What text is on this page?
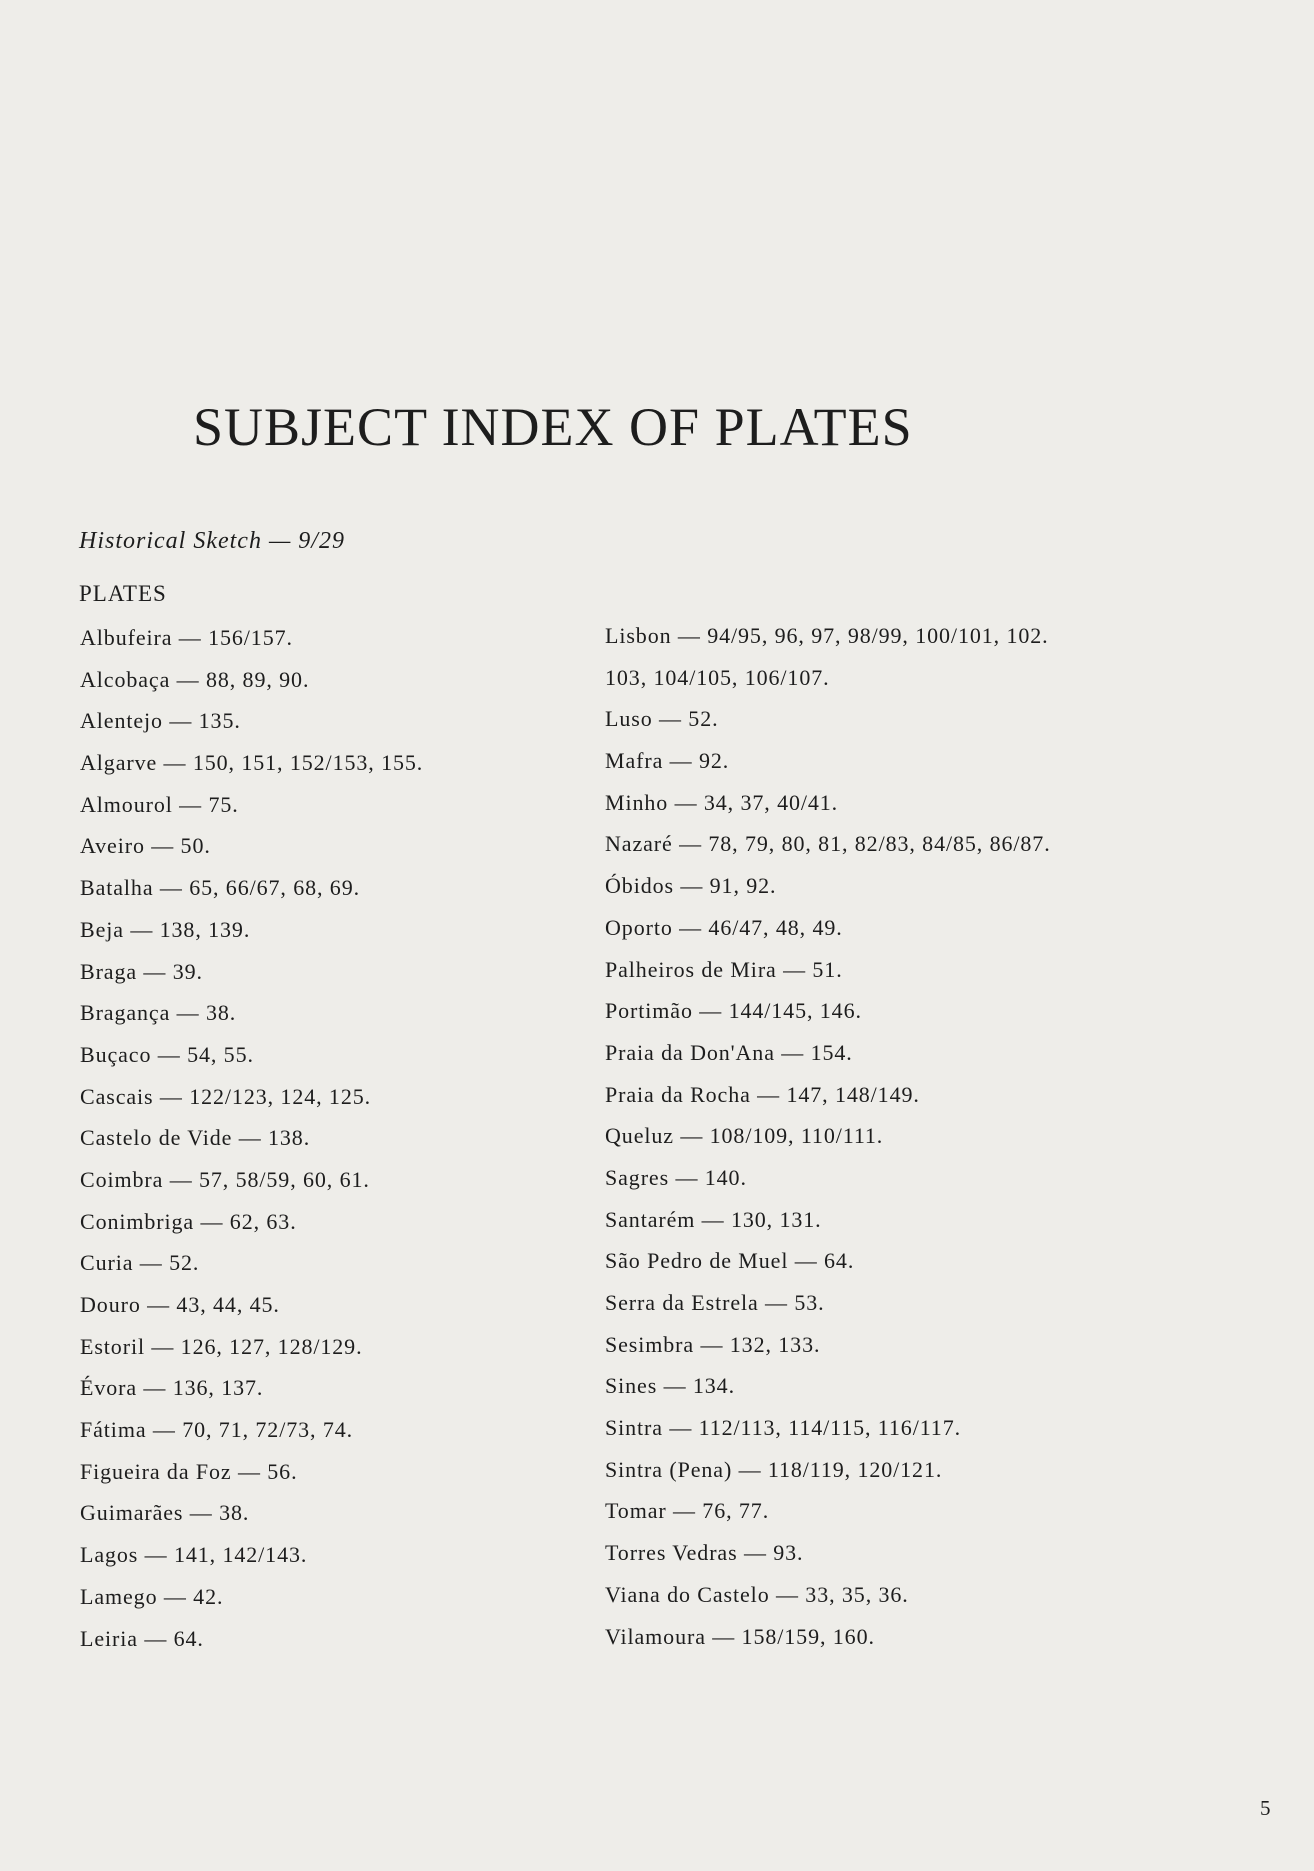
SUBJECT INDEX OF PLATES
Historical Sketch — 9/29
PLATES
Albufeira — 156/157.
Alcobaça — 88, 89, 90.
Alentejo — 135.
Algarve — 150, 151, 152/153, 155.
Almourol — 75.
Aveiro — 50.
Batalha — 65, 66/67, 68, 69.
Beja — 138, 139.
Braga — 39.
Bragança — 38.
Buçaco — 54, 55.
Cascais — 122/123, 124, 125.
Castelo de Vide — 138.
Coimbra — 57, 58/59, 60, 61.
Conimbriga — 62, 63.
Curia — 52.
Douro — 43, 44, 45.
Estoril — 126, 127, 128/129.
Évora — 136, 137.
Fátima — 70, 71, 72/73, 74.
Figueira da Foz — 56.
Guimarães — 38.
Lagos — 141, 142/143.
Lamego — 42.
Leiria — 64.
Lisbon — 94/95, 96, 97, 98/99, 100/101, 102.
103, 104/105, 106/107.
Luso — 52.
Mafra — 92.
Minho — 34, 37, 40/41.
Nazaré — 78, 79, 80, 81, 82/83, 84/85, 86/87.
Óbidos — 91, 92.
Oporto — 46/47, 48, 49.
Palheiros de Mira — 51.
Portimão — 144/145, 146.
Praia da Don'Ana — 154.
Praia da Rocha — 147, 148/149.
Queluz — 108/109, 110/111.
Sagres — 140.
Santarém — 130, 131.
São Pedro de Muel — 64.
Serra da Estrela — 53.
Sesimbra — 132, 133.
Sines — 134.
Sintra — 112/113, 114/115, 116/117.
Sintra (Pena) — 118/119, 120/121.
Tomar — 76, 77.
Torres Vedras — 93.
Viana do Castelo — 33, 35, 36.
Vilamoura — 158/159, 160.
5
